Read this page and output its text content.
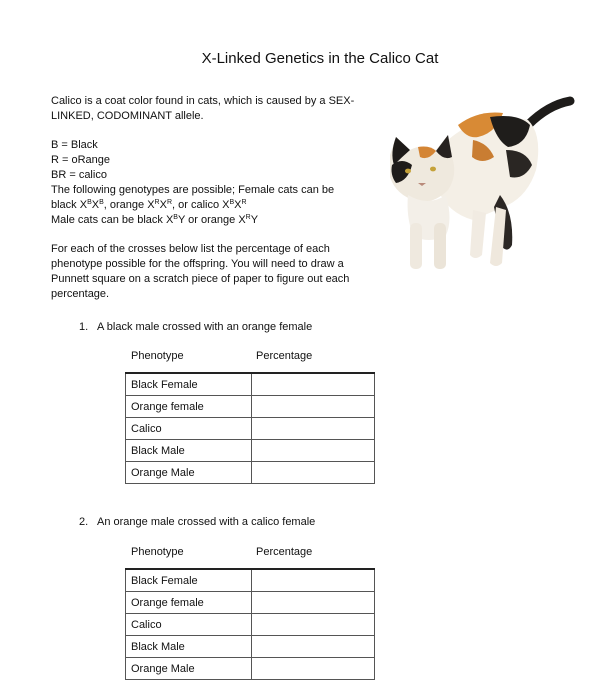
X-Linked Genetics in the Calico Cat
Calico is a coat color found in cats, which is caused by a SEX-
LINKED, CODOMINANT allele.
B = Black
R = oRange
BR = calico
The following genotypes are possible; Female cats can be
black $X^BX^B$, orange $X^RX^R$, or calico $X^BX^R$
Male cats can be black $X^BY$ or orange $X^RY$
For each of the crosses below list the percentage of each
phenotype possible for the offspring. You will need to draw a
Punnett square on a scratch piece of paper to figure out each
percentage.
1. A black male crossed with an orange female
Phenotype	Percentage
Black Female	
Orange female	
Calico	
Black Male	
Orange Male	
2. An orange male crossed with a calico female
Phenotype	Percentage
Black Female	
Orange female	
Calico	
Black Male	
Orange Male	
